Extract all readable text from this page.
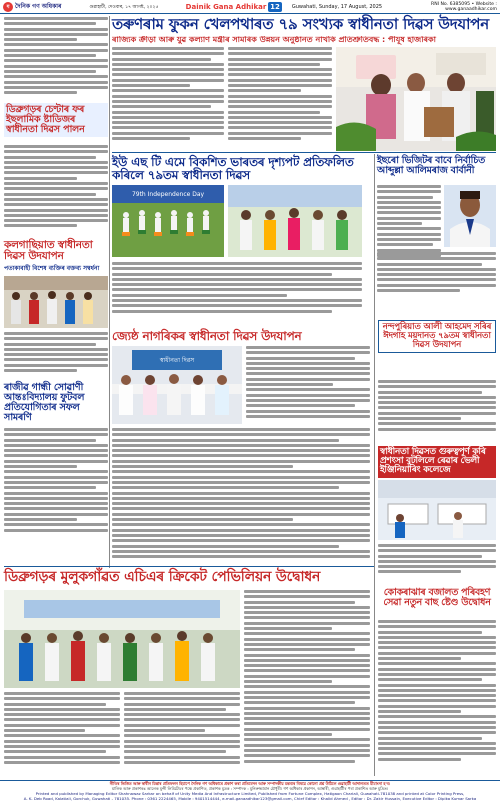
ग দৈনিক গণ অধিকাৰ	গুৱাহাটী, দেওবাৰ, ১৭ আগষ্ট, ২০২৫	Dainik Gana Adhikar 12	Guwahati, Sunday, 17 August, 2025	RNI No. 6385095 • Website : www.ganaadhikar.com
তৰুণৰাম ফুকন খেলপথাৰত ৭৯ সংখ্যক স্বাধীনতা দিৱস উদযাপন
ৰাজ্যিক ক্ৰীড়া আৰু যুৱ কল্যাণ মন্ত্ৰীৰ সামৰিক উন্নয়ন অনুষ্ঠানত নাখকি প্ৰতিশ্ৰুতিবদ্ধ : পীযূষ হাজৰিকা
ডিব্ৰুগড়ৰ চেণ্টাৰ ফৰ ইছলামিক ষ্টাডিজৰ স্বাধীনতা দিৱস পালন
ইউ এছ টি এমে বিকশিত ভাৰতৰ দৃশ্যপট প্ৰতিফলিত কৰিলে ৭৯তম স্বাধীনতা দিৱস
ইছৰো ভিজিটৰ বাবে নিৰ্বাচিত আব্দুল্লা আলিমৰাজ বাৰ্বানী
79th Independence Day
কলগাছিয়াত স্বাধীনতা দিৱস উদযাপন
পতাকাবাহী বিশেষ ব্যক্তিৰ বক্তব্য সম্বৰ্ধনা
ৰাজীৱ গান্ধী সোৱাণী আন্তঃবিদ্যালয় ফুটবল প্ৰতিযোগিতাৰ সফল সামৰণি
জ্যেষ্ঠ নাগৰিকৰ স্বাধীনতা দিৱস উদযাপন
স্বাধীনতা দিৱস
নন্দপুৰিয়াত আলী আহমেদ সৰিৰ ঈদগাহ ময়দানত ৭৯তম স্বাধীনতা দিৱস উদযাপন
স্বাধীনতা দিৱসত গুৰুত্বপূৰ্ণ কৰি প্ৰশংসা বুটলিলে ৰেৱাৰ ভেলী ইঞ্জিনিয়াৰিং কলেজে
ডিব্ৰুগড়ৰ মুলুকগাঁৱত এচিএৰ ক্ৰিকেট পেভিলিয়ন উদ্বোধন
কোকৰাঝাৰ বজালত পৰিবহণ সেৱা নতুন বাছ ষ্টেণ্ড উদ্বোধন
নীতিৰ ভিত্তিত আৰু স্বাধীন চিন্তাৰ প্ৰতিফলন হিচাপে দৈনিক গণ অধিকাৰে প্ৰকাশ কৰা প্ৰতিবেদন আৰু সম্পাদকীয় মন্তব্যৰ বিষয়ে কোনো প্ৰশ্ন উঠিলে গুৱাহাটী আদালতত মীমাংসা হ'ব।
মালিক আৰু প্ৰকাশকঃ আলেক মুন্সী লিমিটেডৰ পক্ষে প্ৰকাশিত, প্ৰকাশক মুদ্ৰক : সম্পাদক : মুনিৰুজ্জামান চৌধুৰী। গণ অধিকাৰ প্ৰকাশন, আম্বাৰী, গুৱাহাটীৰ পৰা প্ৰকাশিত আৰু মুদ্ৰিত।
Printed and published by Managing Editor Shahnawaz Sarkar on behalf of Unity Media And Infrastructure Limited, Published from Fortune Complex, Hatigaon Chariali, Guwahati-781038 and printed at Color Printing Press,
A. K. Deb Road, Kalatiali, Gorchuk, Guwahati - 781035. Phone : 0361 2224465, Mobile : 9401514444, e-mail-ganaadhikar123@gmail.com, Chief Editor : Khalid Ahmed , Editor : Dr. Zakir Hussain, Executive Editor : Dipika Kumar Sarka
